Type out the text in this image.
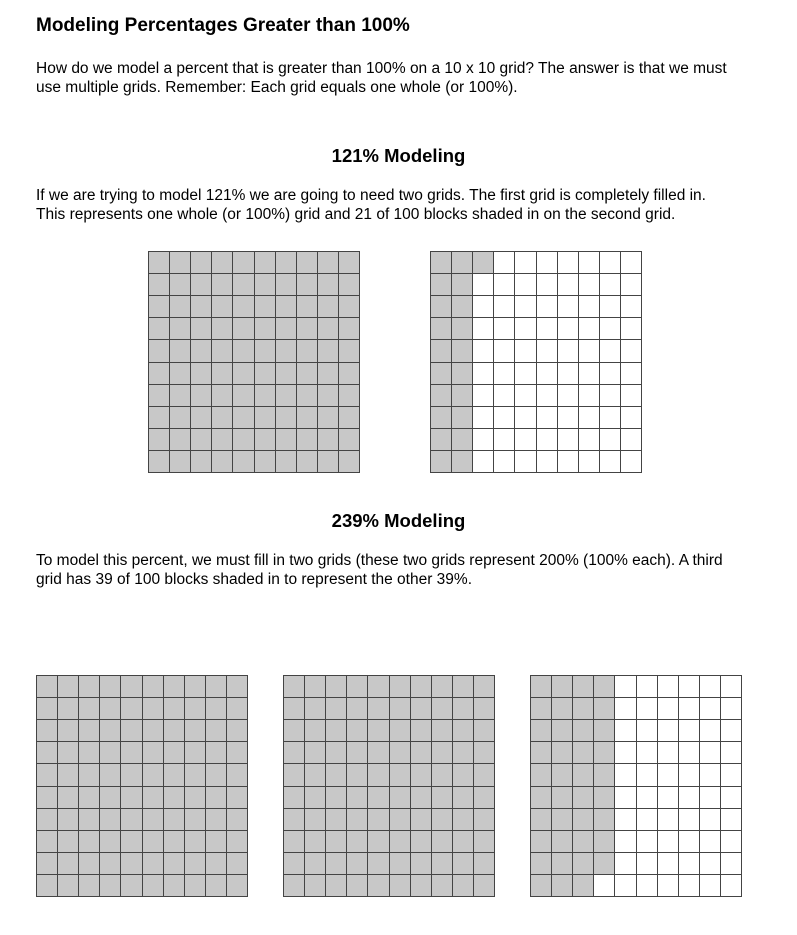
Modeling Percentages Greater than 100%

How do we model a percent that is greater than 100% on a 10 x 10 grid? The answer is that we must
use multiple grids. Remember: Each grid equals one whole (or 100%).

121% Modeling

If we are trying to model 121% we are going to need two grids. The first grid is completely filled in.
This represents one whole (or 100%) grid and 21 of 100 blocks shaded in on the second grid.

239% Modeling

To model this percent, we must fill in two grids (these two grids represent 200% (100% each). A third
grid has 39 of 100 blocks shaded in to represent the other 39%.
